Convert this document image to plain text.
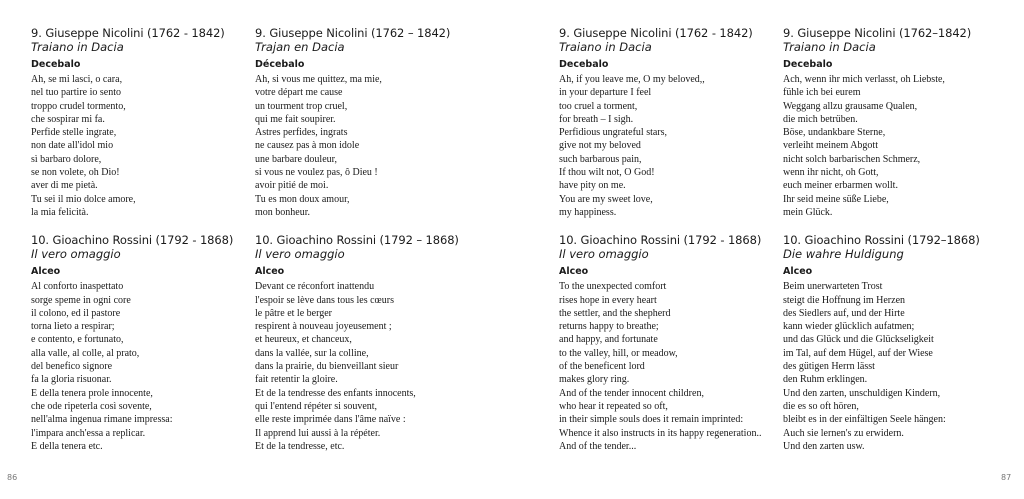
9. Giuseppe Nicolini (1762 - 1842)
Traiano in Dacia
Decebalo
Ah, se mi lasci, o cara,
nel tuo partire io sento
troppo crudel tormento,
che sospirar mi fa.
Perfide stelle ingrate,
non date all'idol mio
sì barbaro dolore,
se non volete, oh Dio!
aver di me pietà.
Tu sei il mio dolce amore,
la mia felicità.
10. Gioachino Rossini (1792 - 1868)
Il vero omaggio
Alceo
Al conforto inaspettato
sorge speme in ogni core
il colono, ed il pastore
torna lieto a respirar;
e contento, e fortunato,
alla valle, al colle, al prato,
del benefico signore
fa la gloria risuonar.
E della tenera prole innocente,
che ode ripeterla così sovente,
nell'alma ingenua rimane impressa:
l'impara anch'essa a replicar.
E della tenera etc.
9. Giuseppe Nicolini (1762 – 1842)
Trajan en Dacia
Décebalo
Ah, si vous me quittez, ma mie,
votre départ me cause
un tourment trop cruel,
qui me fait soupirer.
Astres perfides, ingrats
ne causez pas à mon idole
une barbare douleur,
si vous ne voulez pas, ô Dieu !
avoir pitié de moi.
Tu es mon doux amour,
mon bonheur.
10. Gioachino Rossini (1792 – 1868)
Il vero omaggio
Alceo
Devant ce réconfort inattendu
l'espoir se lève dans tous les cœurs
le pâtre et le berger
respirent à nouveau joyeusement ;
et heureux, et chanceux,
dans la vallée, sur la colline,
dans la prairie, du bienveillant sieur
fait retentir la gloire.
Et de la tendresse des enfants innocents,
qui l'entend répéter si souvent,
elle reste imprimée dans l'âme naïve :
Il apprend lui aussi à la répéter.
Et de la tendresse, etc.
9. Giuseppe Nicolini (1762 - 1842)
Traiano in Dacia
Decebalo
Ah, if you leave me, O my beloved,,
in your departure I feel
too cruel a torment,
for breath – I sigh.
Perfidious ungrateful stars,
give not my beloved
such barbarous pain,
If thou wilt not, O God!
have pity on me.
You are my sweet love,
my happiness.
10. Gioachino Rossini (1792 - 1868)
Il vero omaggio
Alceo
To the unexpected comfort
rises hope in every heart
the settler, and the shepherd
returns happy to breathe;
and happy, and fortunate
to the valley, hill, or meadow,
of the beneficent lord
makes glory ring.
And of the tender innocent children,
who hear it repeated so oft,
in their simple souls does it remain imprinted:
Whence it also instructs in its happy regeneration..
And of the tender...
9. Giuseppe Nicolini (1762–1842)
Traiano in Dacia
Decebalo
Ach, wenn ihr mich verlasst, oh Liebste,
fühle ich bei eurem
Weggang allzu grausame Qualen,
die mich betrüben.
Böse, undankbare Sterne,
verleiht meinem Abgott
nicht solch barbarischen Schmerz,
wenn ihr nicht, oh Gott,
euch meiner erbarmen wollt.
Ihr seid meine süße Liebe,
mein Glück.
10. Gioachino Rossini (1792–1868)
Die wahre Huldigung
Alceo
Beim unerwarteten Trost
steigt die Hoffnung im Herzen
des Siedlers auf, und der Hirte
kann wieder glücklich aufatmen;
und das Glück und die Glückseligkeit
im Tal, auf dem Hügel, auf der Wiese
des gütigen Herrn lässt
den Ruhm erklingen.
Und den zarten, unschuldigen Kindern,
die es so oft hören,
bleibt es in der einfältigen Seele hängen:
Auch sie lernen's zu erwidern.
Und den zarten usw.
86	87
